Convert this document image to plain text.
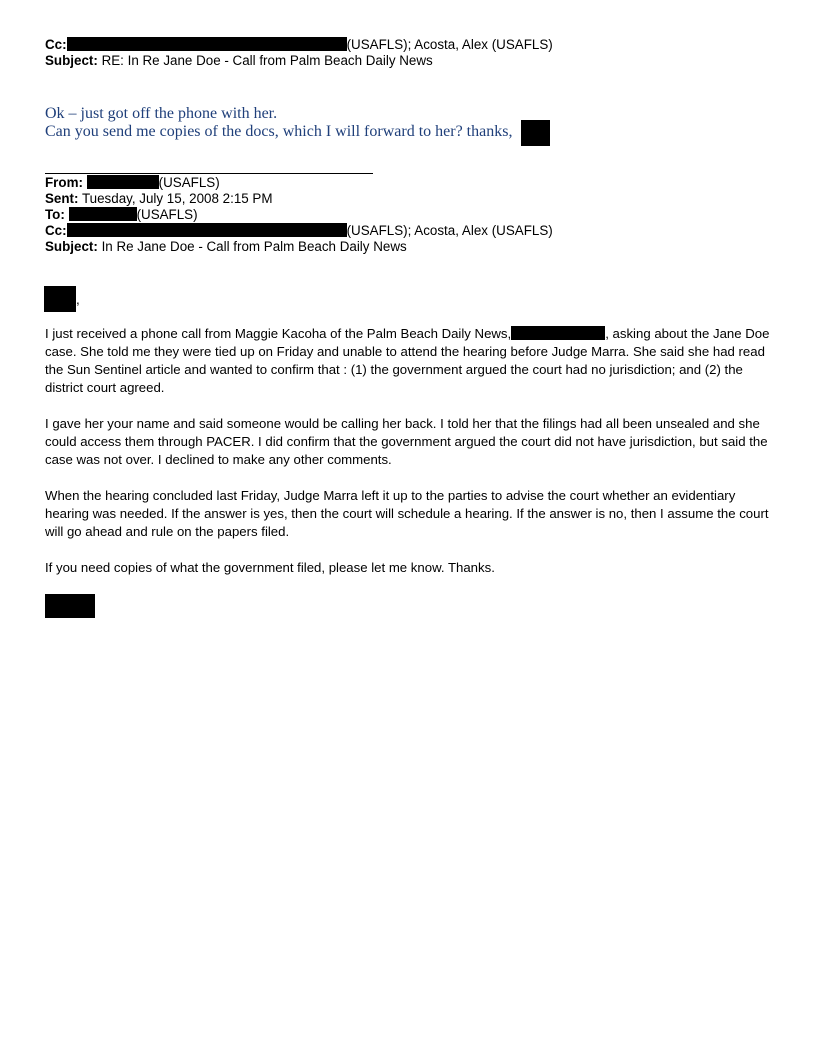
Cc:	(USAFLS); Acosta, Alex (USAFLS)
Subject: RE: In Re Jane Doe - Call from Palm Beach Daily News
Ok – just got off the phone with her.
Can you send me copies of the docs, which I will forward to her? thanks,
From:	(USAFLS)
Sent: Tuesday, July 15, 2008 2:15 PM
To:	(USAFLS)
Cc:	(USAFLS); Acosta, Alex (USAFLS)
Subject: In Re Jane Doe - Call from Palm Beach Daily News
,

I just received a phone call from Maggie Kacoha of the Palm Beach Daily News,	, asking about the Jane Doe case. She told me they were tied up on Friday and unable to attend the hearing before Judge Marra. She said she had read the Sun Sentinel article and wanted to confirm that : (1) the government argued the court had no jurisdiction; and (2) the district court agreed.

I gave her your name and said someone would be calling her back. I told her that the filings had all been unsealed and she could access them through PACER. I did confirm that the government argued the court did not have jurisdiction, but said the case was not over. I declined to make any other comments.

When the hearing concluded last Friday, Judge Marra left it up to the parties to advise the court whether an evidentiary hearing was needed. If the answer is yes, then the court will schedule a hearing. If the answer is no, then I assume the court will go ahead and rule on the papers filed.

If you need copies of what the government filed, please let me know. Thanks.
